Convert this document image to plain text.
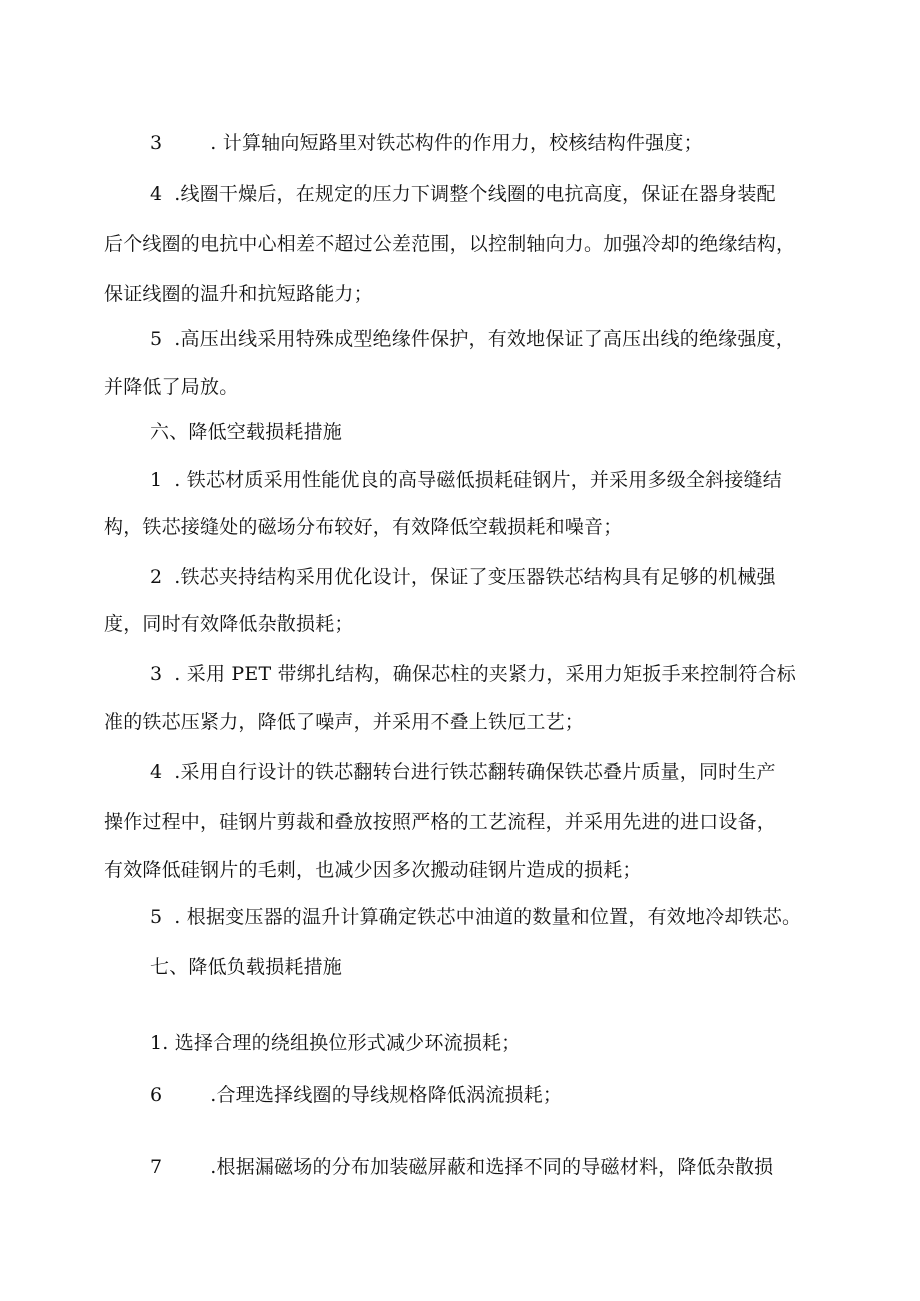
3	. 计算轴向短路里对铁芯构件的作用力，校核结构件强度；
4 .线圈干燥后，在规定的压力下调整个线圈的电抗高度，保证在器身装配
后个线圈的电抗中心相差不超过公差范围，以控制轴向力。加强冷却的绝缘结构，
保证线圈的温升和抗短路能力；
5 .高压出线采用特殊成型绝缘件保护，有效地保证了高压出线的绝缘强度，
并降低了局放。
六、降低空载损耗措施
1 . 铁芯材质采用性能优良的高导磁低损耗硅钢片，并采用多级全斜接缝结
构，铁芯接缝处的磁场分布较好，有效降低空载损耗和噪音；
2 .铁芯夹持结构采用优化设计，保证了变压器铁芯结构具有足够的机械强
度，同时有效降低杂散损耗；
3 . 采用 PET 带绑扎结构，确保芯柱的夹紧力，采用力矩扳手来控制符合标
准的铁芯压紧力，降低了噪声，并采用不叠上铁厄工艺；
4 .采用自行设计的铁芯翻转台进行铁芯翻转确保铁芯叠片质量，同时生产
操作过程中，硅钢片剪裁和叠放按照严格的工艺流程，并采用先进的进口设备，
有效降低硅钢片的毛刺，也减少因多次搬动硅钢片造成的损耗；
5 . 根据变压器的温升计算确定铁芯中油道的数量和位置，有效地冷却铁芯。
七、降低负载损耗措施
1. 选择合理的绕组换位形式减少环流损耗；
6	.合理选择线圈的导线规格降低涡流损耗；
7	.根据漏磁场的分布加装磁屏蔽和选择不同的导磁材料，降低杂散损
